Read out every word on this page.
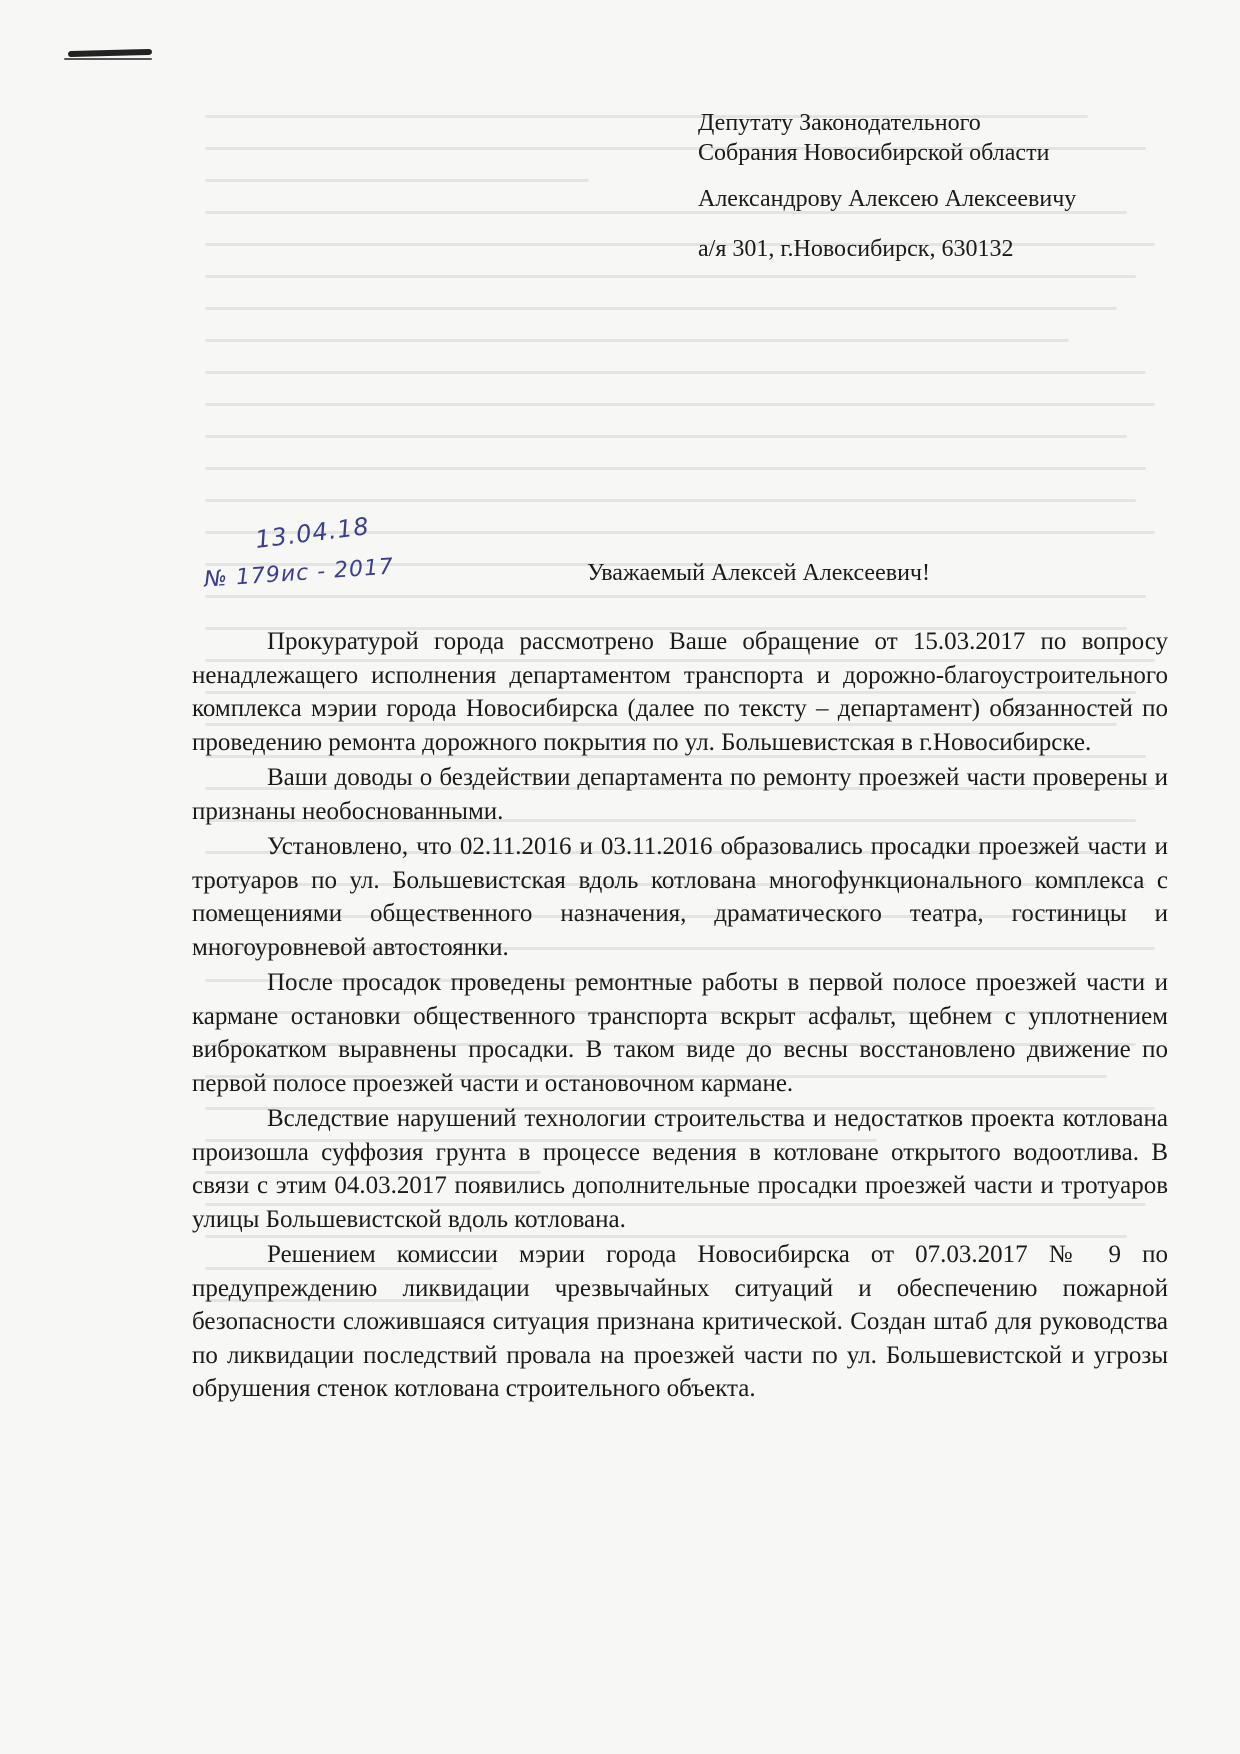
Депутату Законодательного
Собрания Новосибирской области
Александрову Алексею Алексеевичу
а/я 301, г.Новосибирск, 630132
13.04.18
№ 179ис - 2017	Уважаемый Алексей Алексеевич!

Прокуратурой города рассмотрено Ваше обращение от 15.03.2017 по вопросу ненадлежащего исполнения департаментом транспорта и дорожно-благоустроительного комплекса мэрии города Новосибирска (далее по тексту – департамент) обязанностей по проведению ремонта дорожного покрытия по ул. Большевистская в г.Новосибирске.

Ваши доводы о бездействии департамента по ремонту проезжей части проверены и признаны необоснованными.

Установлено, что 02.11.2016 и 03.11.2016 образовались просадки проезжей части и тротуаров по ул. Большевистская вдоль котлована многофункционального комплекса с помещениями общественного назначения, драматического театра, гостиницы и многоуровневой автостоянки.

После просадок проведены ремонтные работы в первой полосе проезжей части и кармане остановки общественного транспорта вскрыт асфальт, щебнем с уплотнением виброкатком выравнены просадки. В таком виде до весны восстановлено движение по первой полосе проезжей части и остановочном кармане.

Вследствие нарушений технологии строительства и недостатков проекта котлована произошла суффозия грунта в процессе ведения в котловане открытого водоотлива. В связи с этим 04.03.2017 появились дополнительные просадки проезжей части и тротуаров улицы Большевистской вдоль котлована.

Решением комиссии мэрии города Новосибирска от 07.03.2017 № 9 по предупреждению ликвидации чрезвычайных ситуаций и обеспечению пожарной безопасности сложившаяся ситуация признана критической. Создан штаб для руководства по ликвидации последствий провала на проезжей части по ул. Большевистской и угрозы обрушения стенок котлована строительного объекта.
